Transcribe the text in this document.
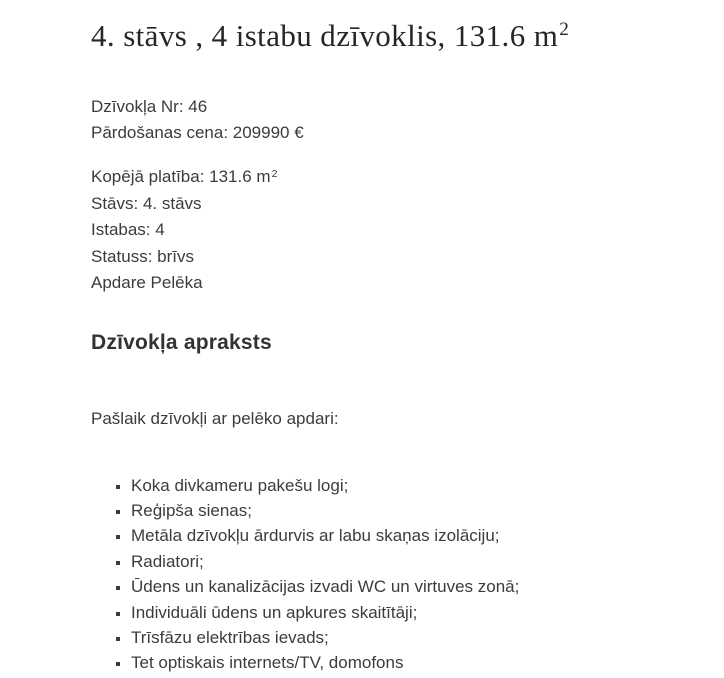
4. stāvs , 4 istabu dzīvoklis, 131.6 $m^2$
Dzīvokļa Nr: 46
Pārdošanas cena: 209990 €
Kopējā platība: 131.6 $m^2$
Stāvs: 4. stāvs
Istabas: 4
Statuss: brīvs
Apdare Pelēka
Dzīvokļa apraksts

Pašlaik dzīvokļi ar pelēko apdari:

▪ Koka divkameru pakešu logi;
▪ Reģipša sienas;
▪ Metāla dzīvokļu ārdurvis ar labu skaņas izolāciju;
▪ Radiatori;
▪ Ūdens un kanalizācijas izvadi WC un virtuves zonā;
▪ Individuāli ūdens un apkures skaitītāji;
▪ Trīsfāzu elektrības ievads;
▪ Tet optiskais internets/TV, domofons
